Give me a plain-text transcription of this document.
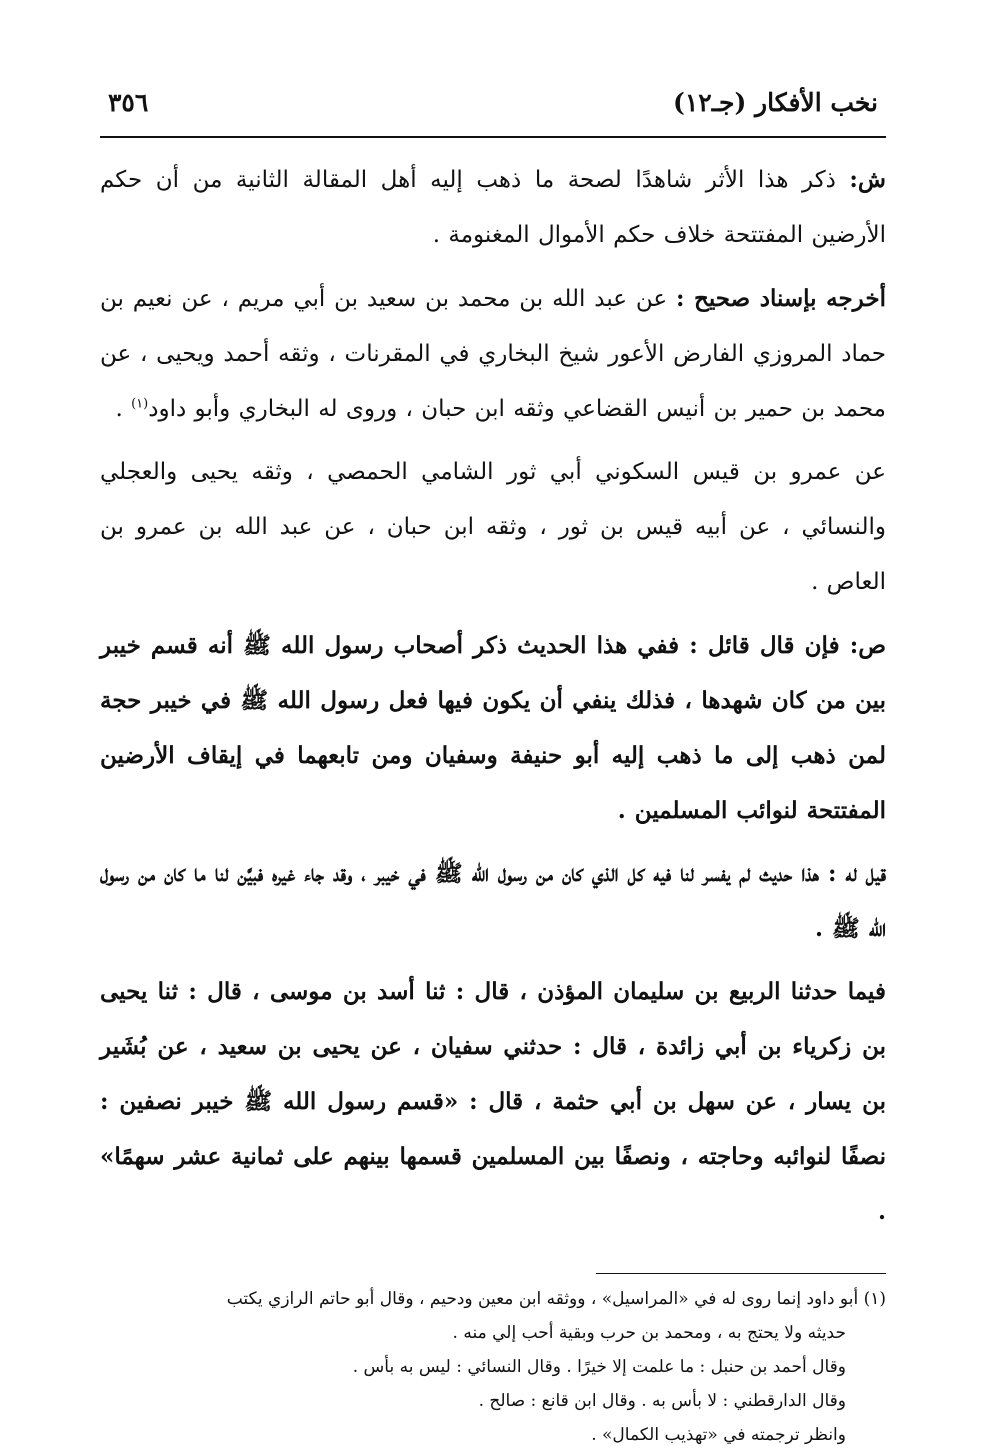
نخب الأفكار (جـ١٢)
٣٥٦

ش: ذكر هذا الأثر شاهدًا لصحة ما ذهب إليه أهل المقالة الثانية من أن حكم الأرضين المفتتحة خلاف حكم الأموال المغنومة .

أخرجه بإسناد صحيح : عن عبد الله بن محمد بن سعيد بن أبي مريم ، عن نعيم بن حماد المروزي الفارض الأعور شيخ البخاري في المقرنات ، وثقه أحمد ويحيى ، عن محمد بن حمير بن أنيس القضاعي وثقه ابن حبان ، وروى له البخاري وأبو داود$^{(١)}$ .

عن عمرو بن قيس السكوني أبي ثور الشامي الحمصي ، وثقه يحيى والعجلي والنسائي ، عن أبيه قيس بن ثور ، وثقه ابن حبان ، عن عبد الله بن عمرو بن العاص .

ص: فإن قال قائل : ففي هذا الحديث ذكر أصحاب رسول الله ﷺ أنه قسم خيبر بين من كان شهدها ، فذلك ينفي أن يكون فيها فعل رسول الله ﷺ في خيبر حجة لمن ذهب إلى ما ذهب إليه أبو حنيفة وسفيان ومن تابعهما في إيقاف الأرضين المفتتحة لنوائب المسلمين .

قيل له : هذا حديث لم يفسر لنا فيه كل الذي كان من رسول الله ﷺ في خيبر ، وقد جاء غيره فبيَّن لنا ما كان من رسول الله ﷺ .

فيما حدثنا الربيع بن سليمان المؤذن ، قال : ثنا أسد بن موسى ، قال : ثنا يحيى بن زكرياء بن أبي زائدة ، قال : حدثني سفيان ، عن يحيى بن سعيد ، عن بُشَير بن يسار ، عن سهل بن أبي حثمة ، قال : «قسم رسول الله ﷺ خيبر نصفين : نصفًا لنوائبه وحاجته ، ونصفًا بين المسلمين قسمها بينهم على ثمانية عشر سهمًا» .

(١) أبو داود إنما روى له في «المراسيل» ، ووثقه ابن معين ودحيم ، وقال أبو حاتم الرازي يكتب

حديثه ولا يحتج به ، ومحمد بن حرب وبقية أحب إلي منه .

وقال أحمد بن حنبل : ما علمت إلا خيرًا . وقال النسائي : ليس به بأس .

وقال الدارقطني : لا بأس به . وقال ابن قانع : صالح .

وانظر ترجمته في «تهذيب الكمال» .
